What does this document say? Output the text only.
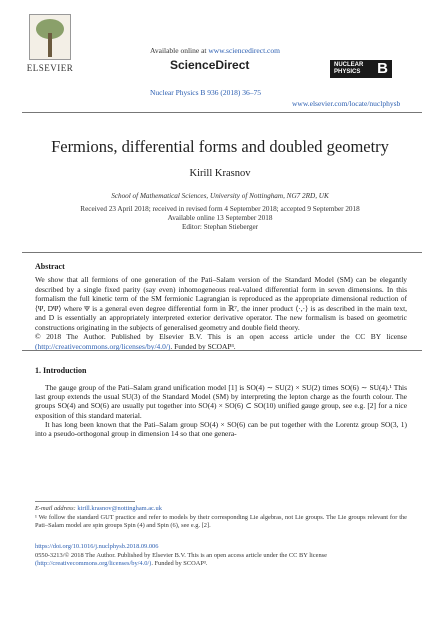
ELSEVIER
Available online at www.sciencedirect.com
ScienceDirect
Nuclear Physics B 936 (2018) 36–75
NUCLEAR
PHYSICS B
www.elsevier.com/locate/nuclphysb
Fermions, differential forms and doubled geometry
Kirill Krasnov
School of Mathematical Sciences, University of Nottingham, NG7 2RD, UK
Received 23 April 2018; received in revised form 4 September 2018; accepted 9 September 2018
Available online 13 September 2018
Editor: Stephan Stieberger
Abstract

We show that all fermions of one generation of the Pati–Salam version of the Standard Model (SM) can be elegantly described by a single fixed parity (say even) inhomogeneous real-valued differential form in seven dimensions. In this formalism the full kinetic term of the SM fermionic Lagrangian is reproduced as the appropriate dimensional reduction of ⟨Ψ, DΨ⟩ where Ψ is a general even degree differential form in ℝ⁷, the inner product ⟨·,·⟩ is as described in the main text, and D is essentially an appropriately interpreted exterior derivative operator. The new formalism is based on geometric constructions originating in the subjects of generalised geometry and double field theory.

© 2018 The Author. Published by Elsevier B.V. This is an open access article under the CC BY license (http://creativecommons.org/licenses/by/4.0/). Funded by SCOAP³.

1. Introduction

The gauge group of the Pati–Salam grand unification model [1] is SO(4) ∼ SU(2) × SU(2) times SO(6) ∼ SU(4).¹ This last group extends the usual SU(3) of the Standard Model (SM) by interpreting the lepton charge as the fourth colour. The groups SO(4) and SO(6) are usually put together into SO(4) × SO(6) ⊂ SO(10) unified gauge group, see e.g. [2] for a nice exposition of this standard material.

It has long been known that the Pati–Salam group SO(4) × SO(6) can be put together with the Lorentz group SO(3, 1) into a pseudo-orthogonal group in dimension 14 so that one genera-

E-mail address: kirill.krasnov@nottingham.ac.uk
¹ We follow the standard GUT practice and refer to models by their corresponding Lie algebras, not Lie groups. The Lie groups relevant for the Pati–Salam model are spin groups Spin (4) and Spin (6), see e.g. [2].
https://doi.org/10.1016/j.nuclphysb.2018.09.006
0550-3213/© 2018 The Author. Published by Elsevier B.V. This is an open access article under the CC BY license
(http://creativecommons.org/licenses/by/4.0/). Funded by SCOAP³.
